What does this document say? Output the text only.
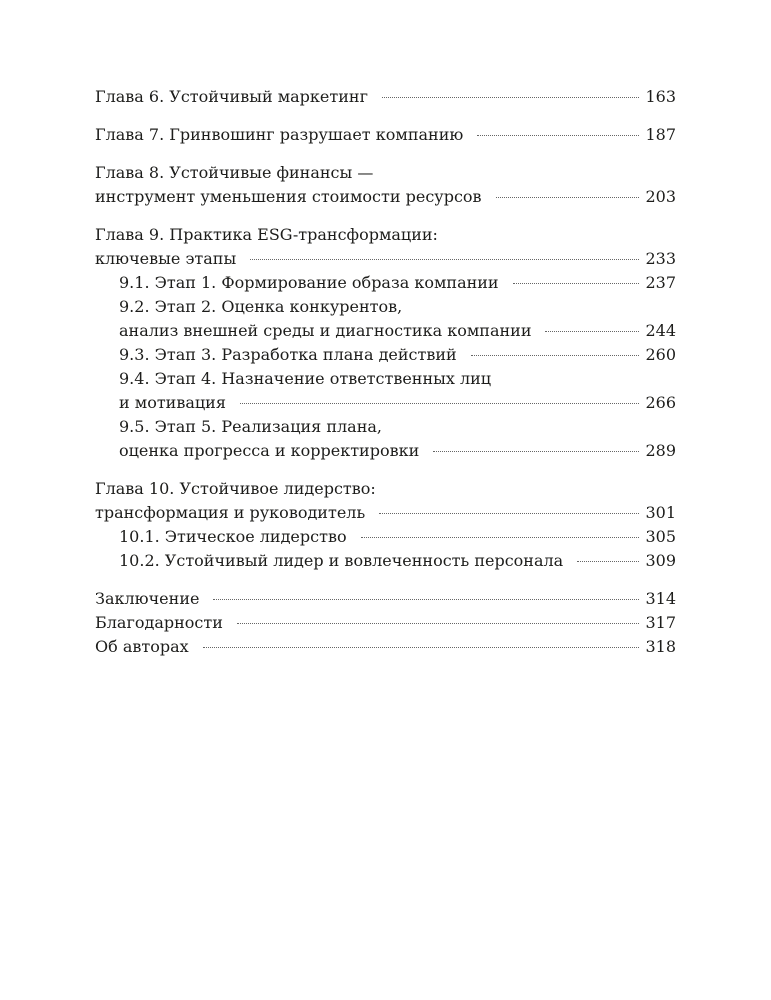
Глава 6. Устойчивый маркетинг	163
Глава 7. Гринвошинг разрушает компанию	187
Глава 8. Устойчивые финансы —
инструмент уменьшения стоимости ресурсов	203
Глава 9. Практика ESG-трансформации:
ключевые этапы	233
9.1. Этап 1. Формирование образа компании	237
9.2. Этап 2. Оценка конкурентов,
анализ внешней среды и диагностика компании	244
9.3. Этап 3. Разработка плана действий	260
9.4. Этап 4. Назначение ответственных лиц
и мотивация	266
9.5. Этап 5. Реализация плана,
оценка прогресса и корректировки	289
Глава 10. Устойчивое лидерство:
трансформация и руководитель	301
10.1. Этическое лидерство	305
10.2. Устойчивый лидер и вовлеченность персонала	309
Заключение	314
Благодарности	317
Об авторах	318
